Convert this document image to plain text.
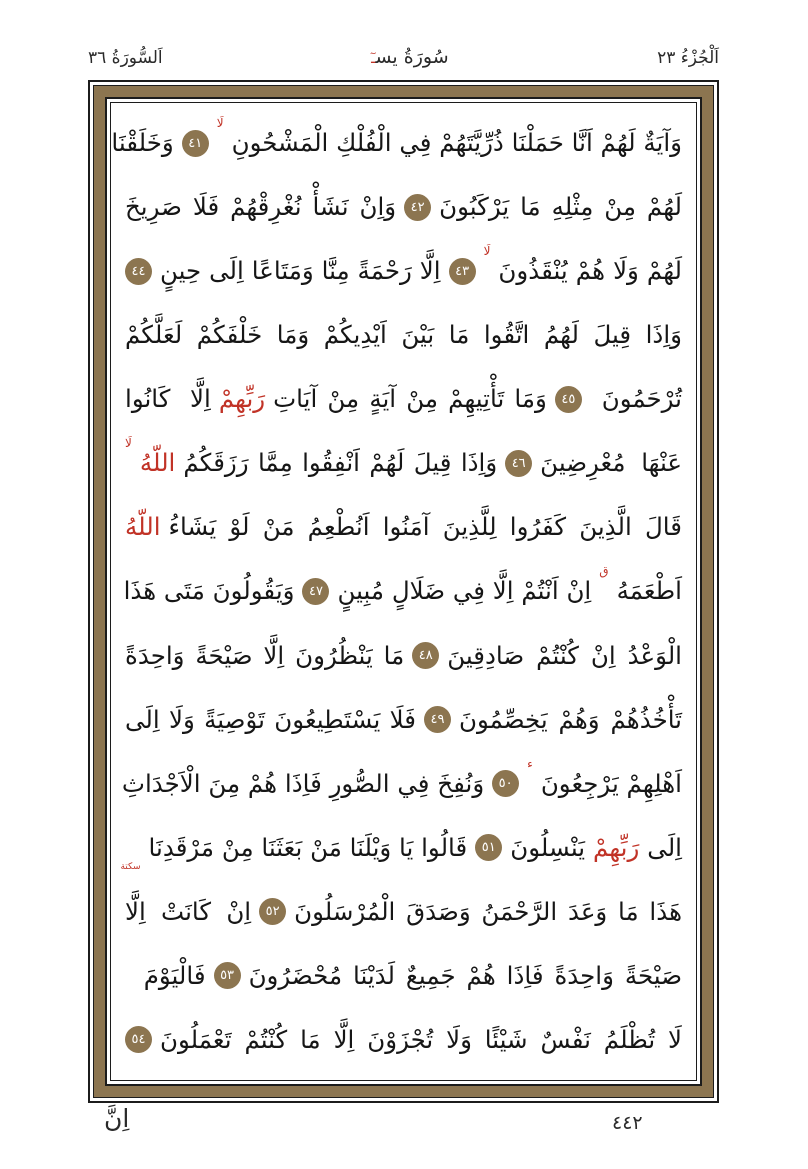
اَلسُّورَةُ ٣٦	سُورَةُ يسـٓ	اَلْجُزْءُ ٢٣
وَآيَةٌ لَهُمْ اَنَّا حَمَلْنَا ذُرِّيَّتَهُمْ فِي الْفُلْكِ الْمَشْحُونِ
لَا
٤١
وَخَلَقْنَا
لَهُمْ مِنْ مِثْلِهِ مَا يَرْكَبُونَ
٤٢
وَاِنْ نَشَأْ نُغْرِقْهُمْ فَلَا صَرِيخَ
لَهُمْ وَلَا هُمْ يُنْقَذُونَ
لَا
٤٣
اِلَّا رَحْمَةً مِنَّا وَمَتَاعًا اِلَى حِينٍ
٤٤
وَاِذَا قِيلَ لَهُمُ اتَّقُوا مَا بَيْنَ اَيْدِيكُمْ وَمَا خَلْفَكُمْ لَعَلَّكُمْ
تُرْحَمُونَ
٤٥
وَمَا تَأْتِيهِمْ مِنْ آيَةٍ مِنْ آيَاتِ
رَبِّهِمْ
اِلَّا كَانُوا
عَنْهَا مُعْرِضِينَ
٤٦
وَاِذَا قِيلَ لَهُمْ اَنْفِقُوا مِمَّا رَزَقَكُمُ
اللّهُ
لَا
قَالَ الَّذِينَ كَفَرُوا لِلَّذِينَ آمَنُوا اَنُطْعِمُ مَنْ لَوْ يَشَاءُ
اللّهُ
اَطْعَمَهُ
ق
اِنْ اَنْتُمْ اِلَّا فِي ضَلَالٍ مُبِينٍ
٤٧
وَيَقُولُونَ مَتَى هَذَا
الْوَعْدُ اِنْ كُنْتُمْ صَادِقِينَ
٤٨
مَا يَنْظُرُونَ اِلَّا صَيْحَةً وَاحِدَةً
تَأْخُذُهُمْ وَهُمْ يَخِصِّمُونَ
٤٩
فَلَا يَسْتَطِيعُونَ تَوْصِيَةً وَلَا اِلَى
اَهْلِهِمْ يَرْجِعُونَ
ء
٥٠
وَنُفِخَ فِي الصُّورِ فَاِذَا هُمْ مِنَ الْاَجْدَاثِ
اِلَى
رَبِّهِمْ
يَنْسِلُونَ
٥١
قَالُوا يَا وَيْلَنَا مَنْ بَعَثَنَا مِنْ مَرْقَدِنَا
سكتة
هَذَا مَا وَعَدَ الرَّحْمَنُ وَصَدَقَ الْمُرْسَلُونَ
٥٢
اِنْ كَانَتْ اِلَّا
صَيْحَةً وَاحِدَةً فَاِذَا هُمْ جَمِيعٌ لَدَيْنَا مُحْضَرُونَ
٥٣
فَالْيَوْمَ
لَا تُظْلَمُ نَفْسٌ شَيْئًا وَلَا تُجْزَوْنَ اِلَّا مَا كُنْتُمْ تَعْمَلُونَ
٥٤
٤٤٢
اِنَّ
